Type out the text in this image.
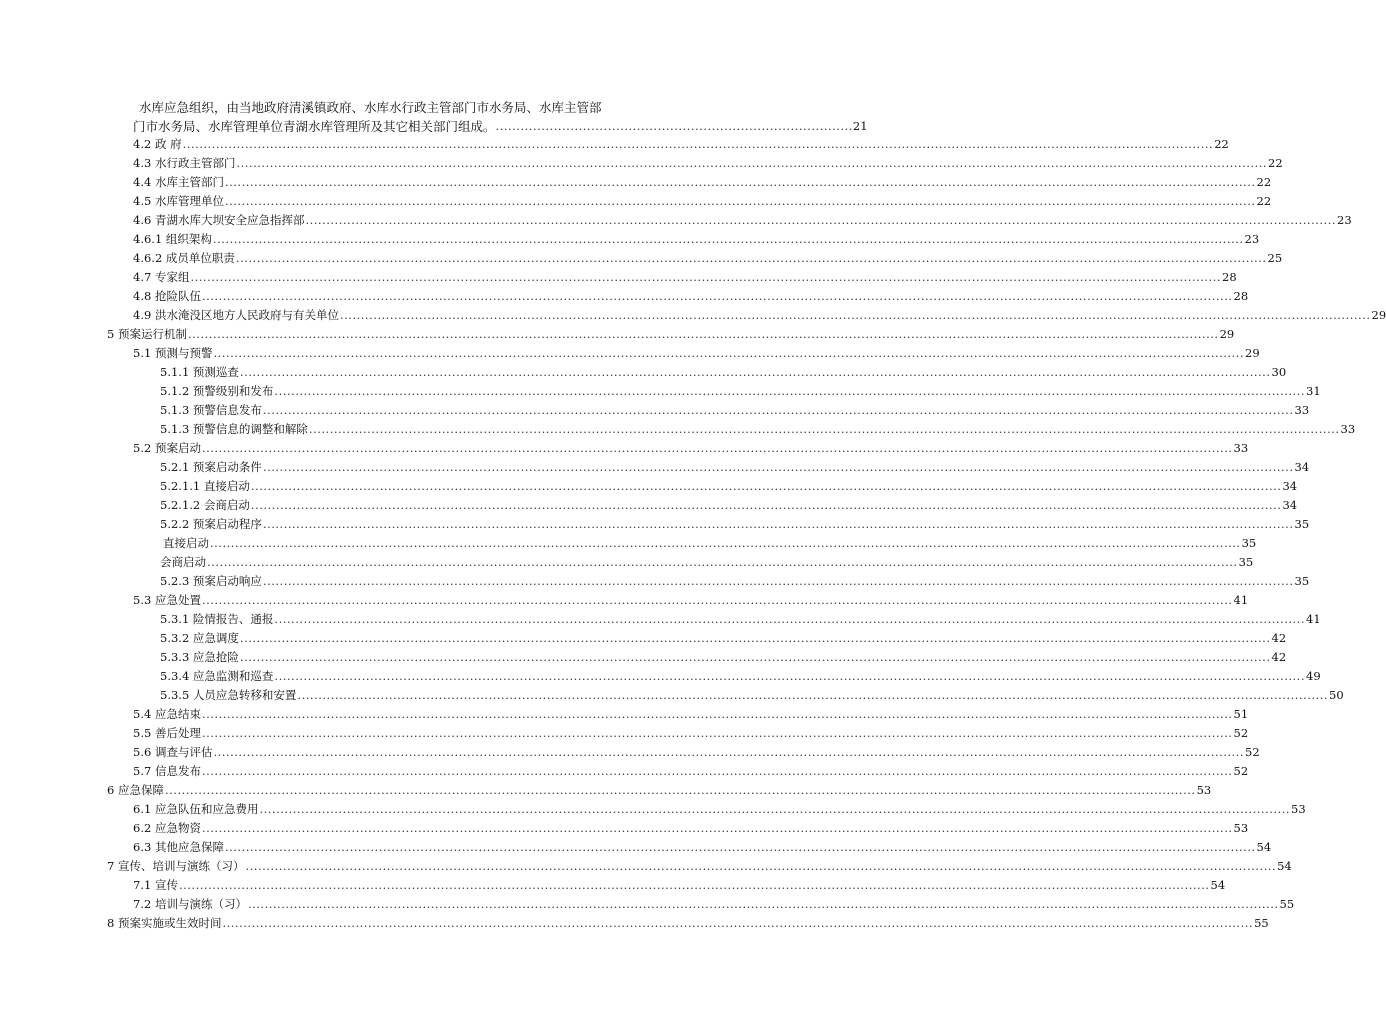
水库应急组织，由当地政府清溪镇政府、水库水行政主管部门市水务局、水库主管部
门市水务局、水库管理单位青湖水库管理所及其它相关部门组成。 ...................................................................................... 21
4.2 政 府 .....	22
4.3 水行政主管部门 .....	22
4.4 水库主管部门 .....	22
4.5 水库管理单位 .....	22
4.6 青湖水库大坝安全应急指挥部 .....	23
4.6.1 组织架构 .....	23
4.6.2 成员单位职责 .....	25
4.7 专家组 .....	28
4.8 抢险队伍 .....	28
4.9 洪水淹没区地方人民政府与有关单位 .....	29
5 预案运行机制 .....	29
5.1 预测与预警 .....	29
5.1.1 预测巡查 .....	30
5.1.2 预警级别和发布 .....	31
5.1.3 预警信息发布 .....	33
5.1.3 预警信息的调整和解除 .....	33
5.2 预案启动 .....	33
5.2.1 预案启动条件 .....	34
5.2.1.1 直接启动 .....	34
5.2.1.2 会商启动 .....	34
5.2.2 预案启动程序 .....	35
直接启动 .....	35
会商启动 .....	35
5.2.3 预案启动响应 .....	35
5.3 应急处置 .....	41
5.3.1 险情报告、通报 .....	41
5.3.2 应急调度 .....	42
5.3.3 应急抢险 .....	42
5.3.4 应急监测和巡查 .....	49
5.3.5 人员应急转移和安置 .....	50
5.4 应急结束 .....	51
5.5 善后处理 .....	52
5.6 调查与评估 .....	52
5.7 信息发布 .....	52
6 应急保障 .....	53
6.1 应急队伍和应急费用 .....	53
6.2 应急物资 .....	53
6.3 其他应急保障 .....	54
7 宣传、培训与演练（习） .....	54
7.1 宣传 .....	54
7.2 培训与演练（习） .....	55
8 预案实施或生效时间 .....	55
